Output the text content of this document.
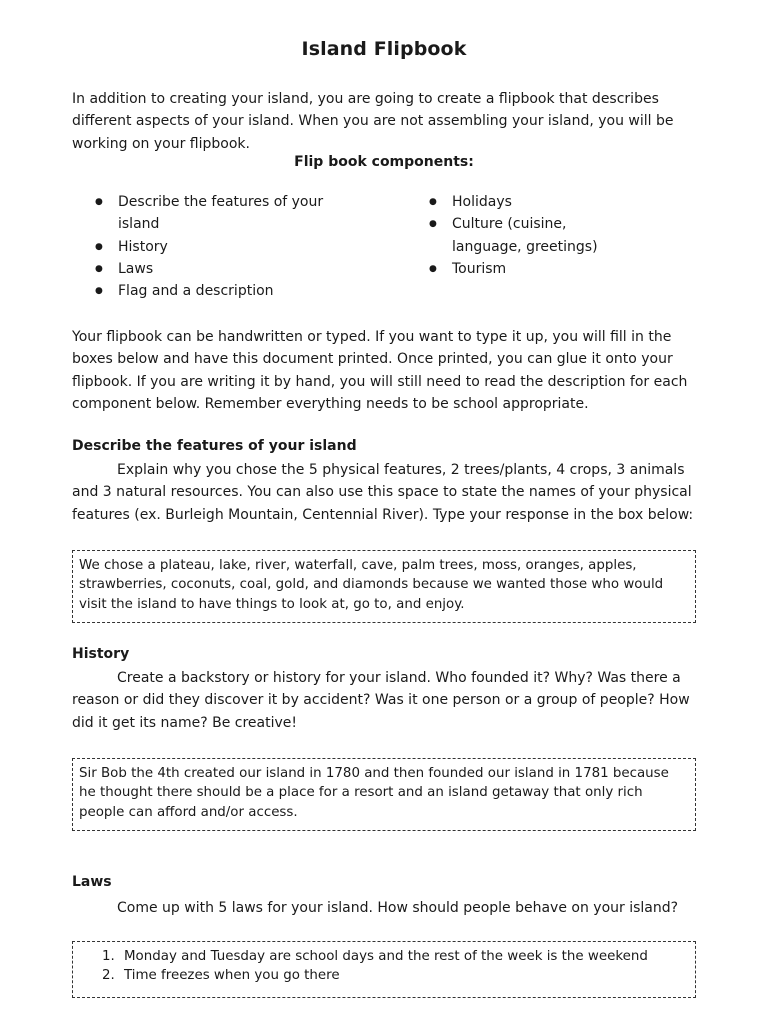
Island Flipbook
In addition to creating your island, you are going to create a flipbook that describes different aspects of your island. When you are not assembling your island, you will be working on your flipbook.
Flip book components:
● Describe the features of your island
● History
● Laws
● Flag and a description
● Holidays
● Culture (cuisine, language, greetings)
● Tourism
Your flipbook can be handwritten or typed. If you want to type it up, you will fill in the boxes below and have this document printed. Once printed, you can glue it onto your flipbook. If you are writing it by hand, you will still need to read the description for each component below. Remember everything needs to be school appropriate.
Describe the features of your island
Explain why you chose the 5 physical features, 2 trees/plants, 4 crops, 3 animals and 3 natural resources. You can also use this space to state the names of your physical features (ex. Burleigh Mountain, Centennial River). Type your response in the box below:
We chose a plateau, lake, river, waterfall, cave, palm trees, moss, oranges, apples, strawberries, coconuts, coal, gold, and diamonds because we wanted those who would visit the island to have things to look at, go to, and enjoy.
History
Create a backstory or history for your island. Who founded it? Why? Was there a reason or did they discover it by accident? Was it one person or a group of people? How did it get its name? Be creative!
Sir Bob the 4th created our island in 1780 and then founded our island in 1781 because he thought there should be a place for a resort and an island getaway that only rich people can afford and/or access.
Laws
Come up with 5 laws for your island. How should people behave on your island?
1. Monday and Tuesday are school days and the rest of the week is the weekend
2. Time freezes when you go there
